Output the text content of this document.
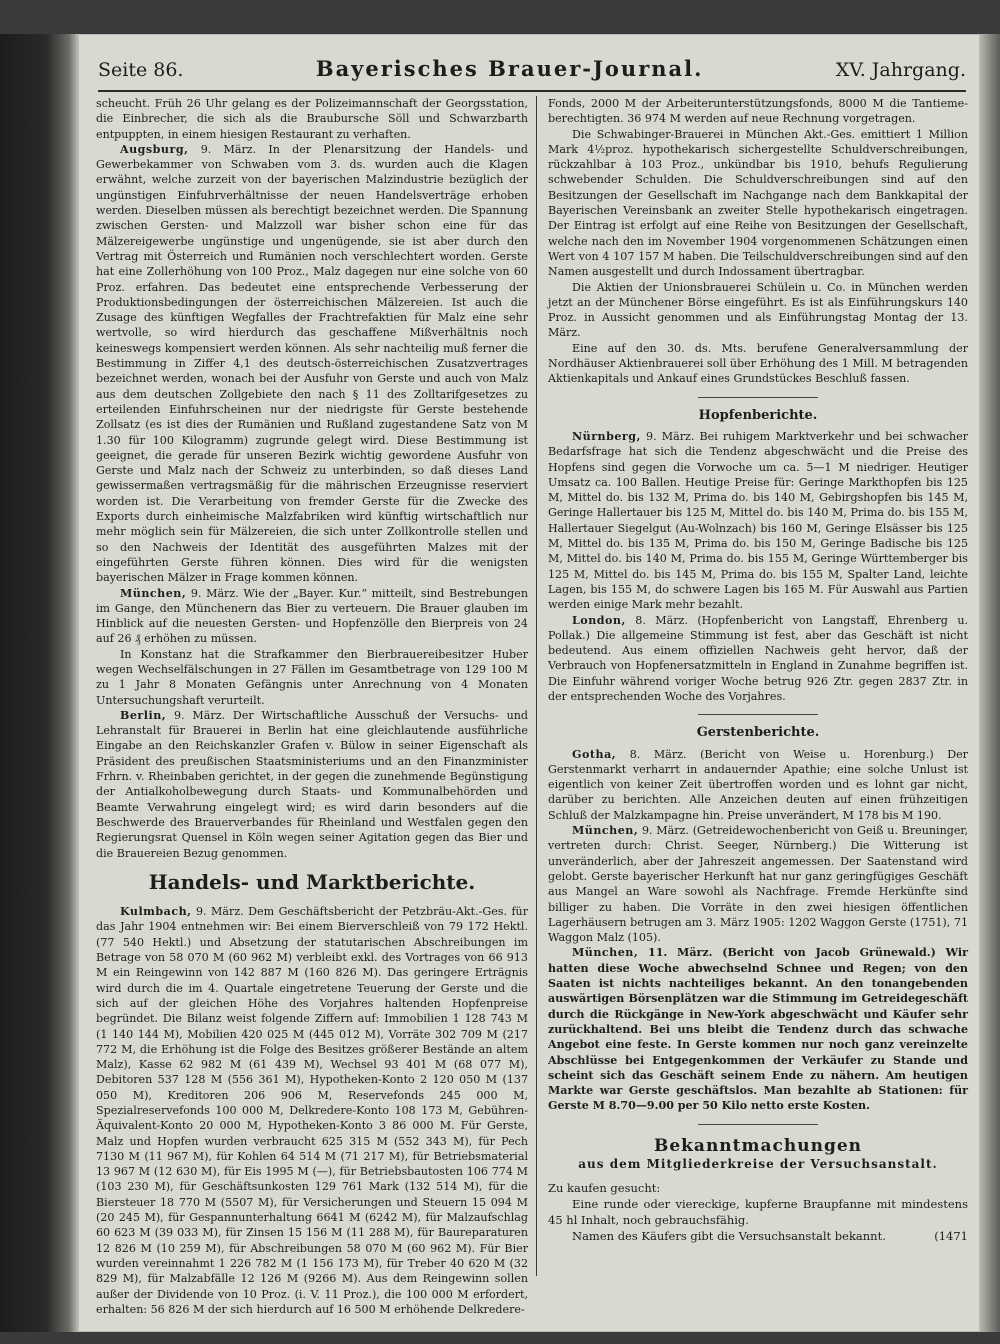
Seite 86.	Bayerisches Brauer-Journal.	XV. Jahrgang.

scheucht. Früh 26 Uhr gelang es der Polizeimannschaft der Georgsstation, die Einbrecher, die sich als die Braubursche Söll und Schwarzbarth entpuppten, in einem hiesigen Restaurant zu verhaften.

Augsburg, 9. März. In der Plenarsitzung der Handels- und Gewerbekammer von Schwaben vom 3. ds. wurden auch die Klagen erwähnt, welche zurzeit von der bayerischen Malzindustrie bezüglich der ungünstigen Einfuhrverhältnisse der neuen Handelsverträge erhoben werden. Dieselben müssen als berechtigt bezeichnet werden. Die Spannung zwischen Gersten- und Malzzoll war bisher schon eine für das Mälzereigewerbe ungünstige und ungenügende, sie ist aber durch den Vertrag mit Österreich und Rumänien noch verschlechtert worden. Gerste hat eine Zollerhöhung von 100 Proz., Malz dagegen nur eine solche von 60 Proz. erfahren. Das bedeutet eine entsprechende Verbesserung der Produktionsbedingungen der österreichischen Mälzereien. Ist auch die Zusage des künftigen Wegfalles der Frachtrefaktien für Malz eine sehr wertvolle, so wird hierdurch das geschaffene Mißverhältnis noch keineswegs kompensiert werden können. Als sehr nachteilig muß ferner die Bestimmung in Ziffer 4,1 des deutsch-österreichischen Zusatzvertrages bezeichnet werden, wonach bei der Ausfuhr von Gerste und auch von Malz aus dem deutschen Zollgebiete den nach § 11 des Zolltarifgesetzes zu erteilenden Einfuhrscheinen nur der niedrigste für Gerste bestehende Zollsatz (es ist dies der Rumänien und Rußland zugestandene Satz von M 1.30 für 100 Kilogramm) zugrunde gelegt wird. Diese Bestimmung ist geeignet, die gerade für unseren Bezirk wichtig gewordene Ausfuhr von Gerste und Malz nach der Schweiz zu unterbinden, so daß dieses Land gewissermaßen vertragsmäßig für die mährischen Erzeugnisse reserviert worden ist. Die Verarbeitung von fremder Gerste für die Zwecke des Exports durch einheimische Malzfabriken wird künftig wirtschaftlich nur mehr möglich sein für Mälzereien, die sich unter Zollkontrolle stellen und so den Nachweis der Identität des ausgeführten Malzes mit der eingeführten Gerste führen können. Dies wird für die wenigsten bayerischen Mälzer in Frage kommen können.

München, 9. März. Wie der „Bayer. Kur.“ mitteilt, sind Bestrebungen im Gange, den Münchenern das Bier zu verteuern. Die Brauer glauben im Hinblick auf die neuesten Gersten- und Hopfenzölle den Bierpreis von 24 auf 26 ₰ erhöhen zu müssen.

In Konstanz hat die Strafkammer den Bierbrauereibesitzer Huber wegen Wechselfälschungen in 27 Fällen im Gesamtbetrage von 129 100 M zu 1 Jahr 8 Monaten Gefängnis unter Anrechnung von 4 Monaten Untersuchungshaft verurteilt.

Berlin, 9. März. Der Wirtschaftliche Ausschuß der Versuchs- und Lehranstalt für Brauerei in Berlin hat eine gleichlautende ausführliche Eingabe an den Reichskanzler Grafen v. Bülow in seiner Eigenschaft als Präsident des preußischen Staatsministeriums und an den Finanzminister Frhrn. v. Rheinbaben gerichtet, in der gegen die zunehmende Begünstigung der Antialkoholbewegung durch Staats- und Kommunalbehörden und Beamte Verwahrung eingelegt wird; es wird darin besonders auf die Beschwerde des Brauerverbandes für Rheinland und Westfalen gegen den Regierungsrat Quensel in Köln wegen seiner Agitation gegen das Bier und die Brauereien Bezug genommen.

Handels- und Marktberichte.

Kulmbach, 9. März. Dem Geschäftsbericht der Petzbräu-Akt.-Ges. für das Jahr 1904 entnehmen wir: Bei einem Bierverschleiß von 79 172 Hektl. (77 540 Hektl.) und Absetzung der statutarischen Abschreibungen im Betrage von 58 070 M (60 962 M) verbleibt exkl. des Vortrages von 66 913 M ein Reingewinn von 142 887 M (160 826 M). Das geringere Erträgnis wird durch die im 4. Quartale eingetretene Teuerung der Gerste und die sich auf der gleichen Höhe des Vorjahres haltenden Hopfenpreise begründet. Die Bilanz weist folgende Ziffern auf: Immobilien 1 128 743 M (1 140 144 M), Mobilien 420 025 M (445 012 M), Vorräte 302 709 M (217 772 M, die Erhöhung ist die Folge des Besitzes größerer Bestände an altem Malz), Kasse 62 982 M (61 439 M), Wechsel 93 401 M (68 077 M), Debitoren 537 128 M (556 361 M), Hypotheken-Konto 2 120 050 M (137 050 M), Kreditoren 206 906 M, Reservefonds 245 000 M, Spezialreservefonds 100 000 M, Delkredere-Konto 108 173 M, Gebühren-Äquivalent-Konto 20 000 M, Hypotheken-Konto 3 86 000 M. Für Gerste, Malz und Hopfen wurden verbraucht 625 315 M (552 343 M), für Pech 7130 M (11 967 M), für Kohlen 64 514 M (71 217 M), für Betriebsmaterial 13 967 M (12 630 M), für Eis 1995 M (—), für Betriebsbautosten 106 774 M (103 230 M), für Geschäftsunkosten 129 761 Mark (132 514 M), für die Biersteuer 18 770 M (5507 M), für Versicherungen und Steuern 15 094 M (20 245 M), für Gespannunterhaltung 6641 M (6242 M), für Malzaufschlag 60 623 M (39 033 M), für Zinsen 15 156 M (11 288 M), für Baureparaturen 12 826 M (10 259 M), für Abschreibungen 58 070 M (60 962 M). Für Bier wurden vereinnahmt 1 226 782 M (1 156 173 M), für Treber 40 620 M (32 829 M), für Malzabfälle 12 126 M (9266 M). Aus dem Reingewinn sollen außer der Dividende von 10 Proz. (i. V. 11 Proz.), die 100 000 M erfordert, erhalten: 56 826 M der sich hierdurch auf 16 500 M erhöhende Delkredere-

Fonds, 2000 M der Arbeiterunterstützungsfonds, 8000 M die Tantieme-berechtigten. 36 974 M werden auf neue Rechnung vorgetragen.

Die Schwabinger-Brauerei in München Akt.-Ges. emittiert 1 Million Mark 4½proz. hypothekarisch sichergestellte Schuldverschreibungen, rückzahlbar à 103 Proz., unkündbar bis 1910, behufs Regulierung schwebender Schulden. Die Schuldverschreibungen sind auf den Besitzungen der Gesellschaft im Nachgange nach dem Bankkapital der Bayerischen Vereinsbank an zweiter Stelle hypothekarisch eingetragen. Der Eintrag ist erfolgt auf eine Reihe von Besitzungen der Gesellschaft, welche nach den im November 1904 vorgenommenen Schätzungen einen Wert von 4 107 157 M haben. Die Teilschuldverschreibungen sind auf den Namen ausgestellt und durch Indossament übertragbar.

Die Aktien der Unionsbrauerei Schülein u. Co. in München werden jetzt an der Münchener Börse eingeführt. Es ist als Einführungskurs 140 Proz. in Aussicht genommen und als Einführungstag Montag der 13. März.

Eine auf den 30. ds. Mts. berufene Generalversammlung der Nordhäuser Aktienbrauerei soll über Erhöhung des 1 Mill. M betragenden Aktienkapitals und Ankauf eines Grundstückes Beschluß fassen.

Hopfenberichte.

Nürnberg, 9. März. Bei ruhigem Marktverkehr und bei schwacher Bedarfsfrage hat sich die Tendenz abgeschwächt und die Preise des Hopfens sind gegen die Vorwoche um ca. 5—1 M niedriger. Heutiger Umsatz ca. 100 Ballen. Heutige Preise für: Geringe Markthopfen bis 125 M, Mittel do. bis 132 M, Prima do. bis 140 M, Gebirgshopfen bis 145 M, Geringe Hallertauer bis 125 M, Mittel do. bis 140 M, Prima do. bis 155 M, Hallertauer Siegelgut (Au-Wolnzach) bis 160 M, Geringe Elsässer bis 125 M, Mittel do. bis 135 M, Prima do. bis 150 M, Geringe Badische bis 125 M, Mittel do. bis 140 M, Prima do. bis 155 M, Geringe Württemberger bis 125 M, Mittel do. bis 145 M, Prima do. bis 155 M, Spalter Land, leichte Lagen, bis 155 M, do schwere Lagen bis 165 M. Für Auswahl aus Partien werden einige Mark mehr bezahlt.

London, 8. März. (Hopfenbericht von Langstaff, Ehrenberg u. Pollak.) Die allgemeine Stimmung ist fest, aber das Geschäft ist nicht bedeutend. Aus einem offiziellen Nachweis geht hervor, daß der Verbrauch von Hopfenersatzmitteln in England in Zunahme begriffen ist. Die Einfuhr während voriger Woche betrug 926 Ztr. gegen 2837 Ztr. in der entsprechenden Woche des Vorjahres.

Gerstenberichte.

Gotha, 8. März. (Bericht von Weise u. Horenburg.) Der Gerstenmarkt verharrt in andauernder Apathie; eine solche Unlust ist eigentlich von keiner Zeit übertroffen worden und es lohnt gar nicht, darüber zu berichten. Alle Anzeichen deuten auf einen frühzeitigen Schluß der Malzkampagne hin. Preise unverändert, M 178 bis M 190.

München, 9. März. (Getreidewochenbericht von Geiß u. Breuninger, vertreten durch: Christ. Seeger, Nürnberg.) Die Witterung ist unveränderlich, aber der Jahreszeit angemessen. Der Saatenstand wird gelobt. Gerste bayerischer Herkunft hat nur ganz geringfügiges Geschäft aus Mangel an Ware sowohl als Nachfrage. Fremde Herkünfte sind billiger zu haben. Die Vorräte in den zwei hiesigen öffentlichen Lagerhäusern betrugen am 3. März 1905: 1202 Waggon Gerste (1751), 71 Waggon Malz (105).

München, 11. März. (Bericht von Jacob Grünewald.) Wir hatten diese Woche abwechselnd Schnee und Regen; von den Saaten ist nichts nachteiliges bekannt. An den tonangebenden auswärtigen Börsenplätzen war die Stimmung im Getreidegeschäft durch die Rückgänge in New-York abgeschwächt und Käufer sehr zurückhaltend. Bei uns bleibt die Tendenz durch das schwache Angebot eine feste. In Gerste kommen nur noch ganz vereinzelte Abschlüsse bei Entgegenkommen der Verkäufer zu Stande und scheint sich das Geschäft seinem Ende zu nähern. Am heutigen Markte war Gerste geschäftslos. Man bezahlte ab Stationen: für Gerste M 8.70—9.00 per 50 Kilo netto erste Kosten.

Bekanntmachungen
aus dem Mitgliederkreise der Versuchsanstalt.

Zu kaufen gesucht:

Eine runde oder viereckige, kupferne Braupfanne mit mindestens 45 hl Inhalt, noch gebrauchsfähig.

Namen des Käufers gibt die Versuchsanstalt bekannt.	(1471
